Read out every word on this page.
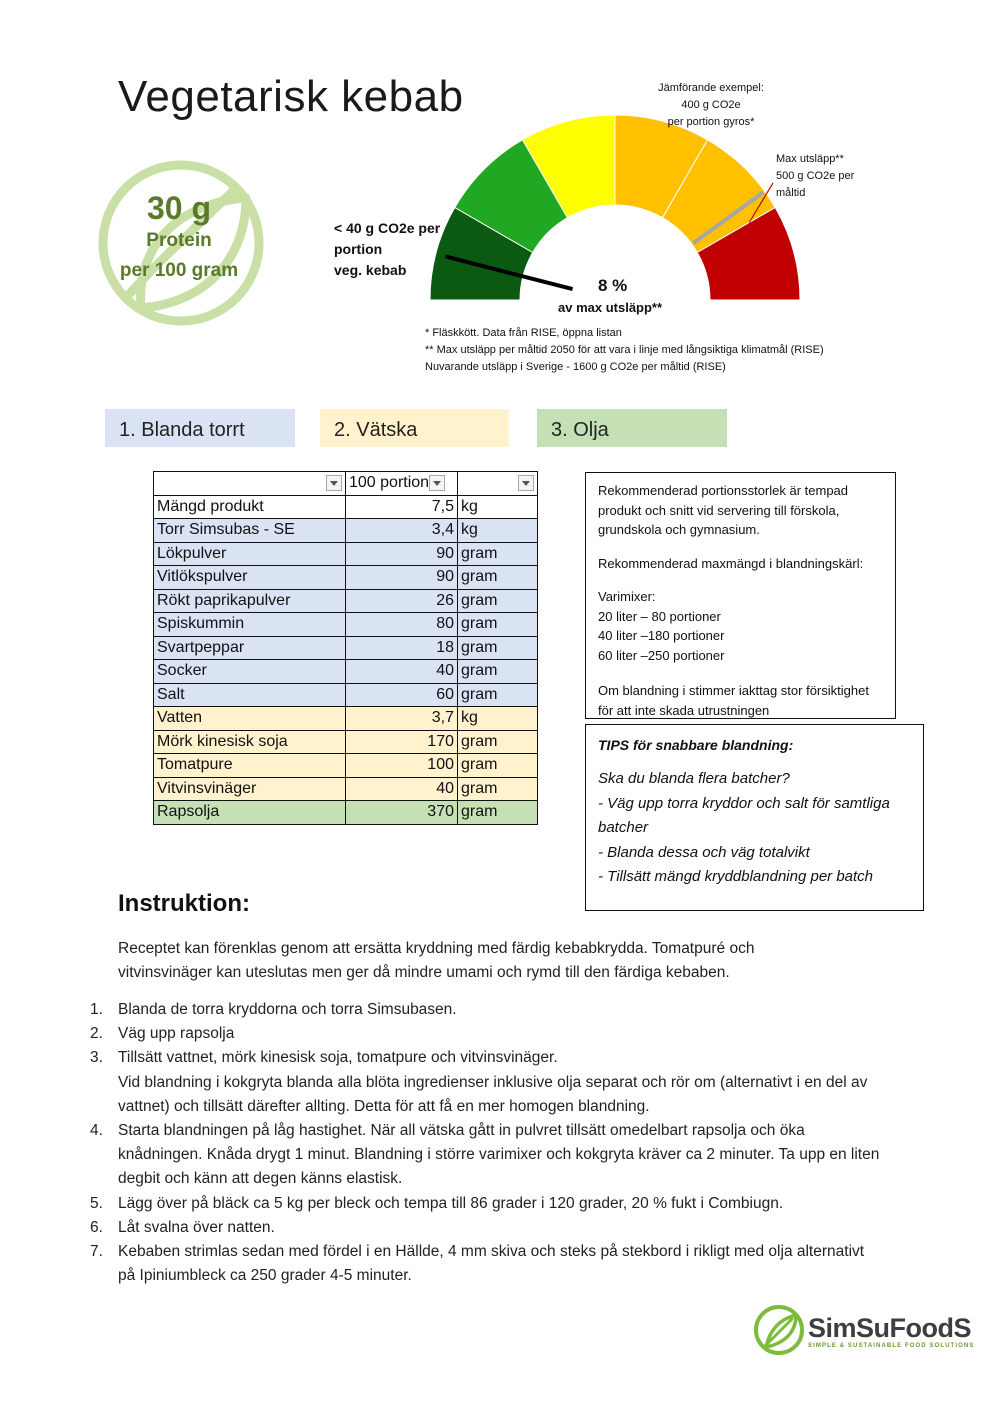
Vegetarisk kebab
30 g
Protein
per 100 gram
Jämförande exempel:
400 g CO2e
per portion gyros*
Max utsläpp**
500 g CO2e per
måltid
< 40 g CO2e per
portion
veg. kebab
8 %
av max utsläpp**
* Fläskkött. Data från RISE, öppna listan
** Max utsläpp per måltid 2050 för att vara i linje med långsiktiga klimatmål (RISE)
Nuvarande utsläpp i Sverige - 1600 g CO2e per måltid (RISE)
1. Blanda torrt	2. Vätska	3. Olja
	100 portion	
Mängd produkt	7,5	kg
Torr Simsubas - SE	3,4	kg
Lökpulver	90	gram
Vitlökspulver	90	gram
Rökt paprikapulver	26	gram
Spiskummin	80	gram
Svartpeppar	18	gram
Socker	40	gram
Salt	60	gram
Vatten	3,7	kg
Mörk kinesisk soja	170	gram
Tomatpure	100	gram
Vitvinsvinäger	40	gram
Rapsolja	370	gram
Rekommenderad portionsstorlek är tempad produkt och snitt vid servering till förskola, grundskola och gymnasium.
Rekommenderad maxmängd i blandningskärl:
Varimixer:
20 liter – 80 portioner
40 liter –180 portioner
60 liter –250 portioner
Om blandning i stimmer iakttag stor försiktighet för att inte skada utrustningen
TIPS för snabbare blandning:
Ska du blanda flera batcher?
- Väg upp torra kryddor och salt för samtliga batcher
- Blanda dessa och väg totalvikt
- Tillsätt mängd kryddblandning per batch
Instruktion:
Receptet kan förenklas genom att ersätta kryddning med färdig kebabkrydda. Tomatpuré och vitvinsvinäger kan uteslutas men ger då mindre umami och rymd till den färdiga kebaben.
1. Blanda de torra kryddorna och torra Simsubasen.
2. Väg upp rapsolja
3. Tillsätt vattnet, mörk kinesisk soja, tomatpure och vitvinsvinäger.
Vid blandning i kokgryta blanda alla blöta ingredienser inklusive olja separat och rör om (alternativt i en del av vattnet) och tillsätt därefter allting. Detta för att få en mer homogen blandning.
4. Starta blandningen på låg hastighet. När all vätska gått in pulvret tillsätt omedelbart rapsolja och öka knådningen. Knåda drygt 1 minut. Blandning i större varimixer och kokgryta kräver ca 2 minuter. Ta upp en liten degbit och känn att degen känns elastisk.
5. Lägg över på bläck ca 5 kg per bleck och tempa till 86 grader i 120 grader, 20 % fukt i Combiugn.
6. Låt svalna över natten.
7. Kebaben strimlas sedan med fördel i en Hällde, 4 mm skiva och steks på stekbord i rikligt med olja alternativt på Ipiniumbleck ca 250 grader 4-5 minuter.
SimSuFoodS
SIMPLE & SUSTAINABLE FOOD SOLUTIONS
